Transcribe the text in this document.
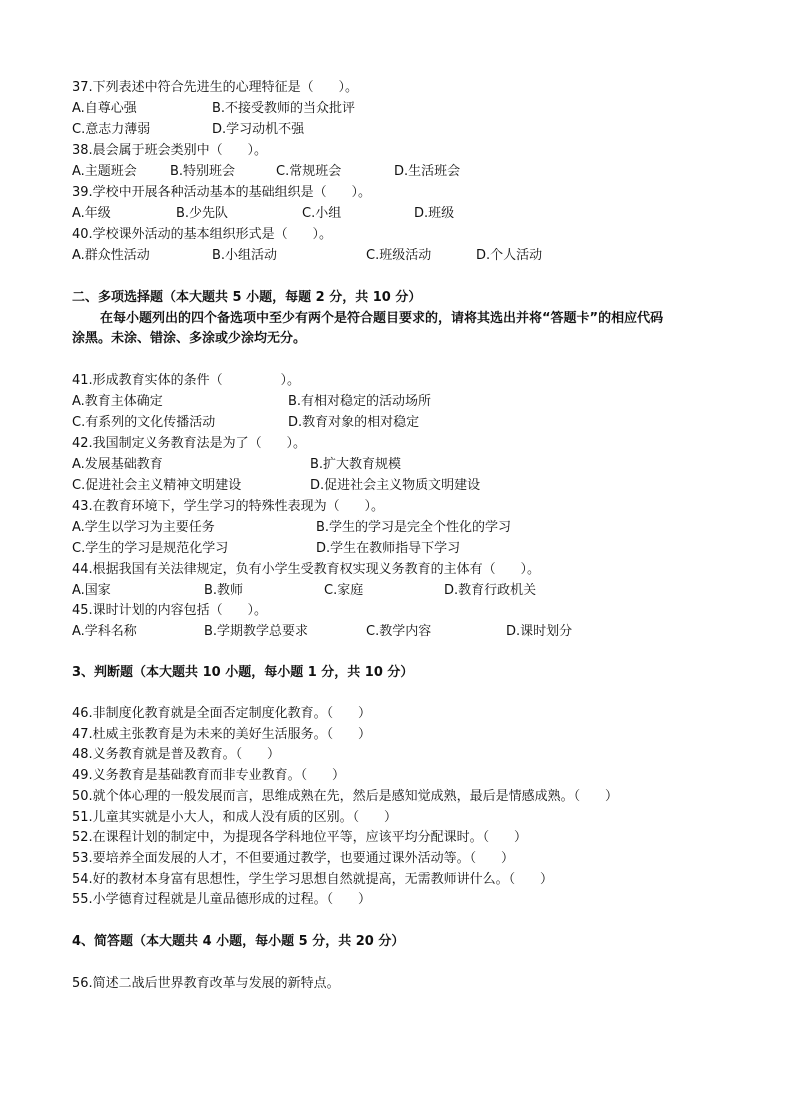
37.下列表述中符合先进生的心理特征是（      ）。
A.自尊心强	B.不接受教师的当众批评
C.意志力薄弱	D.学习动机不强
38.晨会属于班会类别中（      ）。
A.主题班会	B.特别班会	C.常规班会	D.生活班会
39.学校中开展各种活动基本的基础组织是（      ）。
A.年级	B.少先队	C.小组	D.班级
40.学校课外活动的基本组织形式是（      ）。
A.群众性活动	B.小组活动	C.班级活动	D.个人活动
二、多项选择题（本大题共 5 小题，每题 2 分，共 10 分）
在每小题列出的四个备选项中至少有两个是符合题目要求的，请将其选出并将“答题卡”的相应代码
涂黑。未涂、错涂、多涂或少涂均无分。
41.形成教育实体的条件（              ）。
A.教育主体确定	B.有相对稳定的活动场所
C.有系列的文化传播活动	D.教育对象的相对稳定
42.我国制定义务教育法是为了（      ）。
A.发展基础教育	B.扩大教育规模
C.促进社会主义精神文明建设	D.促进社会主义物质文明建设
43.在教育环境下，学生学习的特殊性表现为（      ）。
A.学生以学习为主要任务	B.学生的学习是完全个性化的学习
C.学生的学习是规范化学习	D.学生在教师指导下学习
44.根据我国有关法律规定，负有小学生受教育权实现义务教育的主体有（      ）。
A.国家	B.教师	C.家庭	D.教育行政机关
45.课时计划的内容包括（      ）。
A.学科名称	B.学期教学总要求	C.教学内容	D.课时划分
3、判断题（本大题共 10 小题，每小题 1 分，共 10 分）
46.非制度化教育就是全面否定制度化教育。（      ）
47.杜威主张教育是为未来的美好生活服务。（      ）
48.义务教育就是普及教育。（      ）
49.义务教育是基础教育而非专业教育。（      ）
50.就个体心理的一般发展而言，思维成熟在先，然后是感知觉成熟，最后是情感成熟。（      ）
51.儿童其实就是小大人，和成人没有质的区别。（      ）
52.在课程计划的制定中，为提现各学科地位平等，应该平均分配课时。（      ）
53.要培养全面发展的人才，不但要通过教学，也要通过课外活动等。（      ）
54.好的教材本身富有思想性，学生学习思想自然就提高，无需教师讲什么。（      ）
55.小学德育过程就是儿童品德形成的过程。（      ）
4、简答题（本大题共 4 小题，每小题 5 分，共 20 分）
56.简述二战后世界教育改革与发展的新特点。
